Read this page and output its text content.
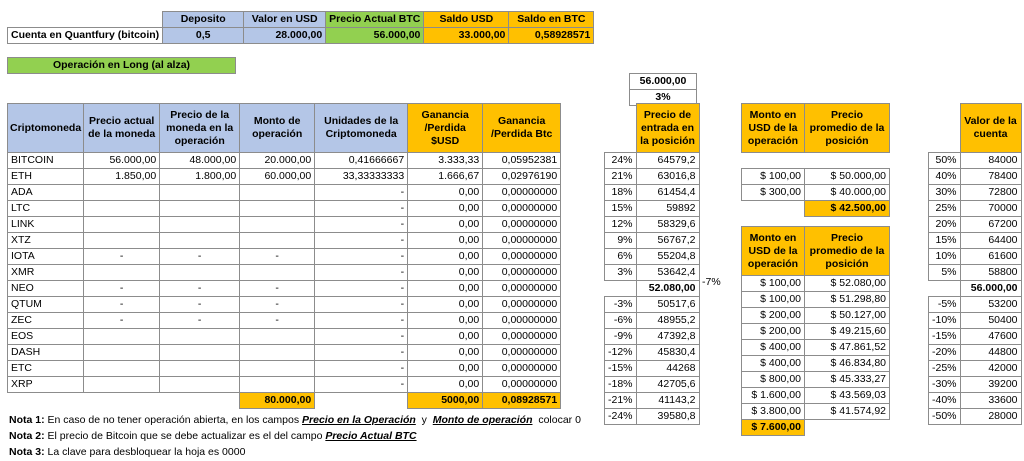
	Deposito	Valor en USD	Precio Actual BTC	Saldo USD	Saldo en BTC
Cuenta en Quantfury (bitcoin)	0,5	28.000,00	56.000,00	33.000,00	0,58928571
Operación en Long (al alza)
Criptomoneda	Precio actual de la moneda	Precio de la moneda en la operación	Monto de operación	Unidades de la Criptomoneda	Ganancia /Perdida $USD	Ganancia /Perdida Btc
BITCOIN	56.000,00	48.000,00	20.000,00	0,41666667	3.333,33	0,05952381
ETH	1.850,00	1.800,00	60.000,00	33,33333333	1.666,67	0,02976190
ADA				-	0,00	0,00000000
LTC				-	0,00	0,00000000
LINK				-	0,00	0,00000000
XTZ				-	0,00	0,00000000
IOTA	-	-	-	-	0,00	0,00000000
XMR				-	0,00	0,00000000
NEO	-	-	-	-	0,00	0,00000000
QTUM	-	-	-	-	0,00	0,00000000
ZEC	-	-	-	-	0,00	0,00000000
EOS				-	0,00	0,00000000
DASH				-	0,00	0,00000000
ETC				-	0,00	0,00000000
XRP				-	0,00	0,00000000
			80.000,00		5000,00	0,08928571
56.000,00
3%
	Precio de entrada en la posición
24%	64579,2
21%	63016,8
18%	61454,4
15%	59892
12%	58329,6
9%	56767,2
6%	55204,8
3%	53642,4
	52.080,00
-3%	50517,6
-6%	48955,2
-9%	47392,8
-12%	45830,4
-15%	44268
-18%	42705,6
-21%	41143,2
-24%	39580,8
-7%
Monto en USD de la operación	Precio promedio de la posición

$ 100,00	$ 50.000,00
$ 300,00	$ 40.000,00
	$ 42.500,00
Monto en USD de la operación	Precio promedio de la posición
$ 100,00	$ 52.080,00
$ 100,00	$ 51.298,80
$ 200,00	$ 50.127,00
$ 200,00	$ 49.215,60
$ 400,00	$ 47.861,52
$ 400,00	$ 46.834,80
$ 800,00	$ 45.333,27
$ 1.600,00	$ 43.569,03
$ 3.800,00	$ 41.574,92
$ 7.600,00	
	Valor de la cuenta
50%	84000
40%	78400
30%	72800
25%	70000
20%	67200
15%	64400
10%	61600
5%	58800
	56.000,00
-5%	53200
-10%	50400
-15%	47600
-20%	44800
-25%	42000
-30%	39200
-40%	33600
-50%	28000
Nota 1: En caso de no tener operación abierta, en los campos Precio en la Operación  y  Monto de operación  colocar 0
Nota 2: El precio de Bitcoin que se debe actualizar es el del campo Precio Actual BTC
Nota 3: La clave para desbloquear la hoja es 0000
